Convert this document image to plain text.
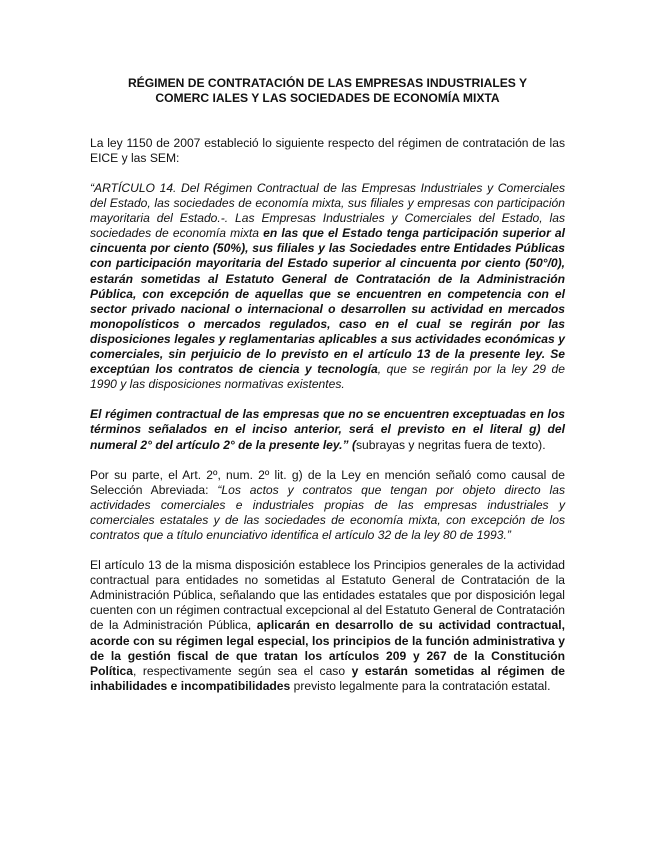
RÉGIMEN DE CONTRATACIÓN DE LAS EMPRESAS INDUSTRIALES Y
COMERC IALES Y LAS SOCIEDADES DE ECONOMÍA MIXTA

La ley 1150 de 2007 estableció lo siguiente respecto del régimen de contratación de las EICE y las SEM:

“ARTÍCULO 14. Del Régimen Contractual de las Empresas Industriales y Comerciales del Estado, las sociedades de economía mixta, sus filiales y empresas con participación mayoritaria del Estado.-. Las Empresas Industriales y Comerciales del Estado, las sociedades de economía mixta en las que el Estado tenga participación superior al cincuenta por ciento (50%), sus filiales y las Sociedades entre Entidades Públicas con participación mayoritaria del Estado superior al cincuenta por ciento (50°/0), estarán sometidas al Estatuto General de Contratación de la Administración Pública, con excepción de aquellas que se encuentren en competencia con el sector privado nacional o internacional o desarrollen su actividad en mercados monopolísticos o mercados regulados, caso en el cual se regirán por las disposiciones legales y reglamentarias aplicables a sus actividades económicas y comerciales, sin perjuicio de lo previsto en el artículo 13 de la presente ley. Se exceptúan los contratos de ciencia y tecnología, que se regirán por la ley 29 de 1990 y las disposiciones normativas existentes.

El régimen contractual de las empresas que no se encuentren exceptuadas en los términos señalados en el inciso anterior, será el previsto en el literal g) del numeral 2° del artículo 2° de la presente ley.” (subrayas y negritas fuera de texto).

Por su parte, el Art. 2º, num. 2º lit. g) de la Ley en mención señaló como causal de Selección Abreviada: “Los actos y contratos que tengan por objeto directo las actividades comerciales e industriales propias de las empresas industriales y comerciales estatales y de las sociedades de economía mixta, con excepción de los contratos que a título enunciativo identifica el artículo 32 de la ley 80 de 1993.”

El artículo 13 de la misma disposición establece los Principios generales de la actividad contractual para entidades no sometidas al Estatuto General de Contratación de la Administración Pública, señalando que las entidades estatales que por disposición legal cuenten con un régimen contractual excepcional al del Estatuto General de Contratación de la Administración Pública, aplicarán en desarrollo de su actividad contractual, acorde con su régimen legal especial, los principios de la función administrativa y de la gestión fiscal de que tratan los artículos 209 y 267 de la Constitución Política, respectivamente según sea el caso y estarán sometidas al régimen de inhabilidades e incompatibilidades previsto legalmente para la contratación estatal.
